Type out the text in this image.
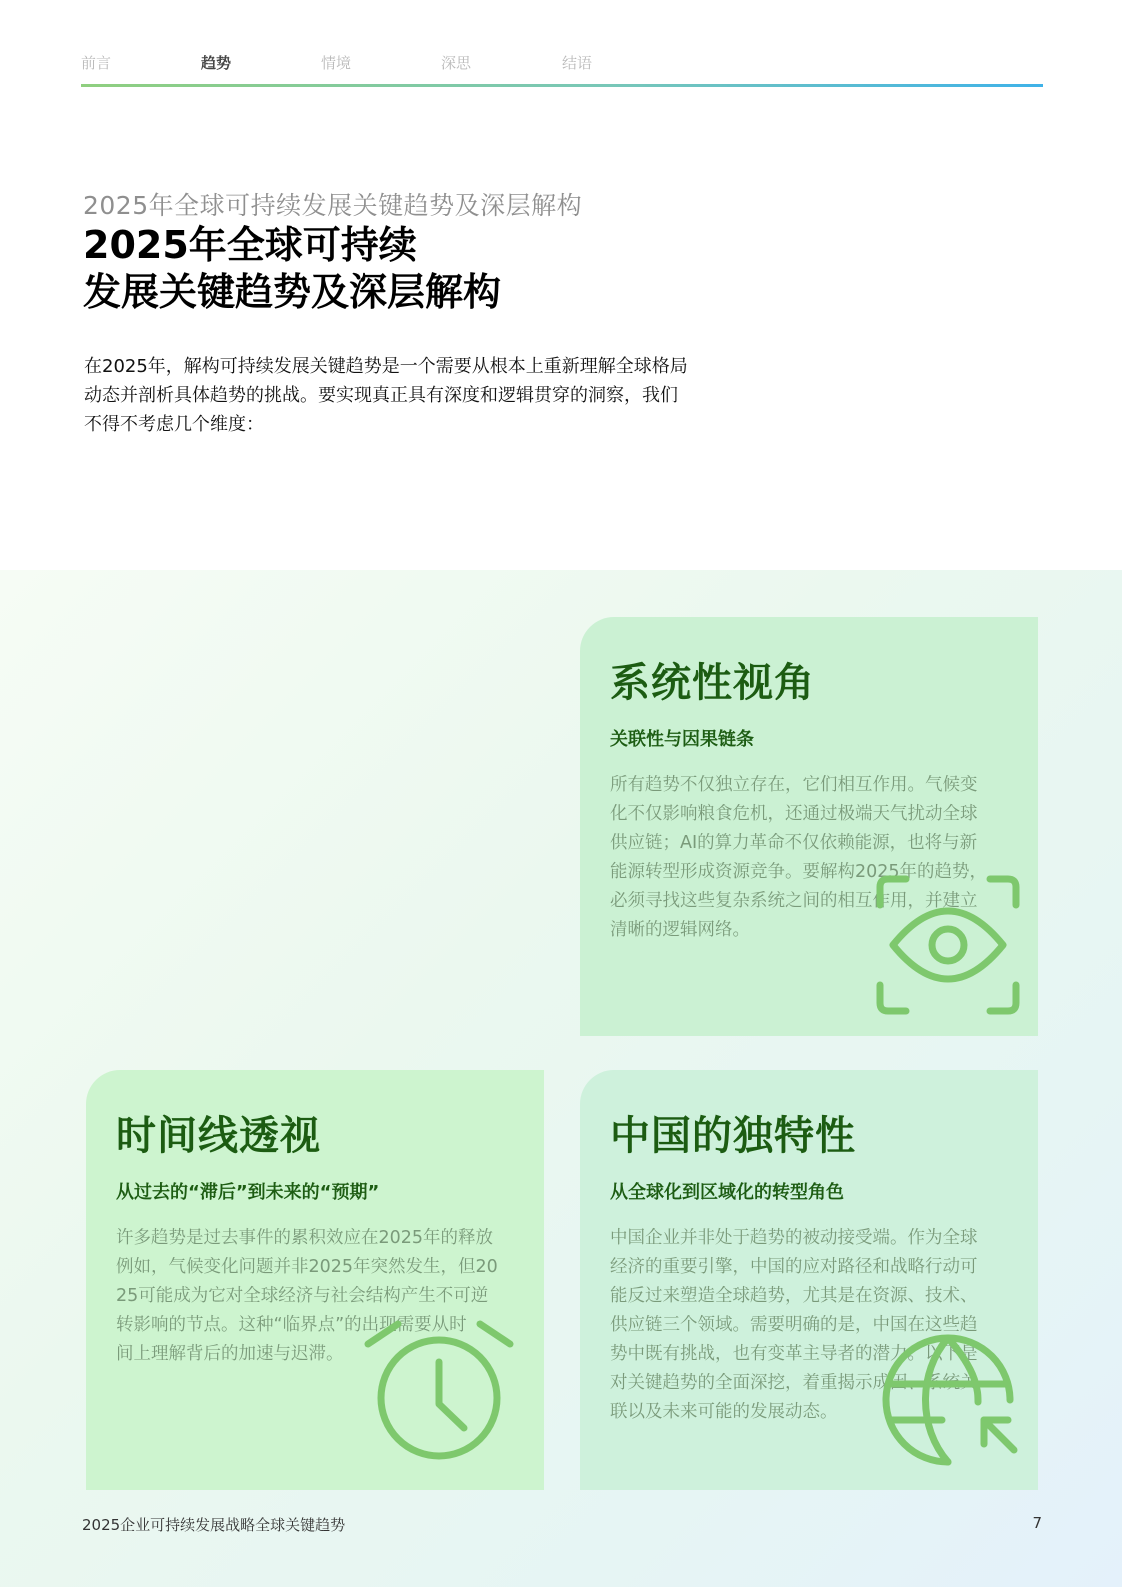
前言	趋势	情境	深思	结语
2025年全球可持续发展关键趋势及深层解构
2025年全球可持续
发展关键趋势及深层解构
在2025年，解构可持续发展关键趋势是一个需要从根本上重新理解全球格局
动态并剖析具体趋势的挑战。要实现真正具有深度和逻辑贯穿的洞察，我们
不得不考虑几个维度：
系统性视角
关联性与因果链条
所有趋势不仅独立存在，它们相互作用。气候变
化不仅影响粮食危机，还通过极端天气扰动全球
供应链；AI的算力革命不仅依赖能源，也将与新
能源转型形成资源竞争。要解构2025年的趋势，
必须寻找这些复杂系统之间的相互作用，并建立
清晰的逻辑网络。
时间线透视
从过去的“滞后”到未来的“预期”
许多趋势是过去事件的累积效应在2025年的释放
例如，气候变化问题并非2025年突然发生，但20
25可能成为它对全球经济与社会结构产生不可逆
转影响的节点。这种“临界点”的出现需要从时
间上理解背后的加速与迟滞。
中国的独特性
从全球化到区域化的转型角色
中国企业并非处于趋势的被动接受端。作为全球
经济的重要引擎，中国的应对路径和战略行动可
能反过来塑造全球趋势，尤其是在资源、技术、
供应链三个领域。需要明确的是，中国在这些趋
势中既有挑战，也有变革主导者的潜力。以下是
对关键趋势的全面深挖，着重揭示成因、系统关
联以及未来可能的发展动态。
2025企业可持续发展战略全球关键趋势	7
